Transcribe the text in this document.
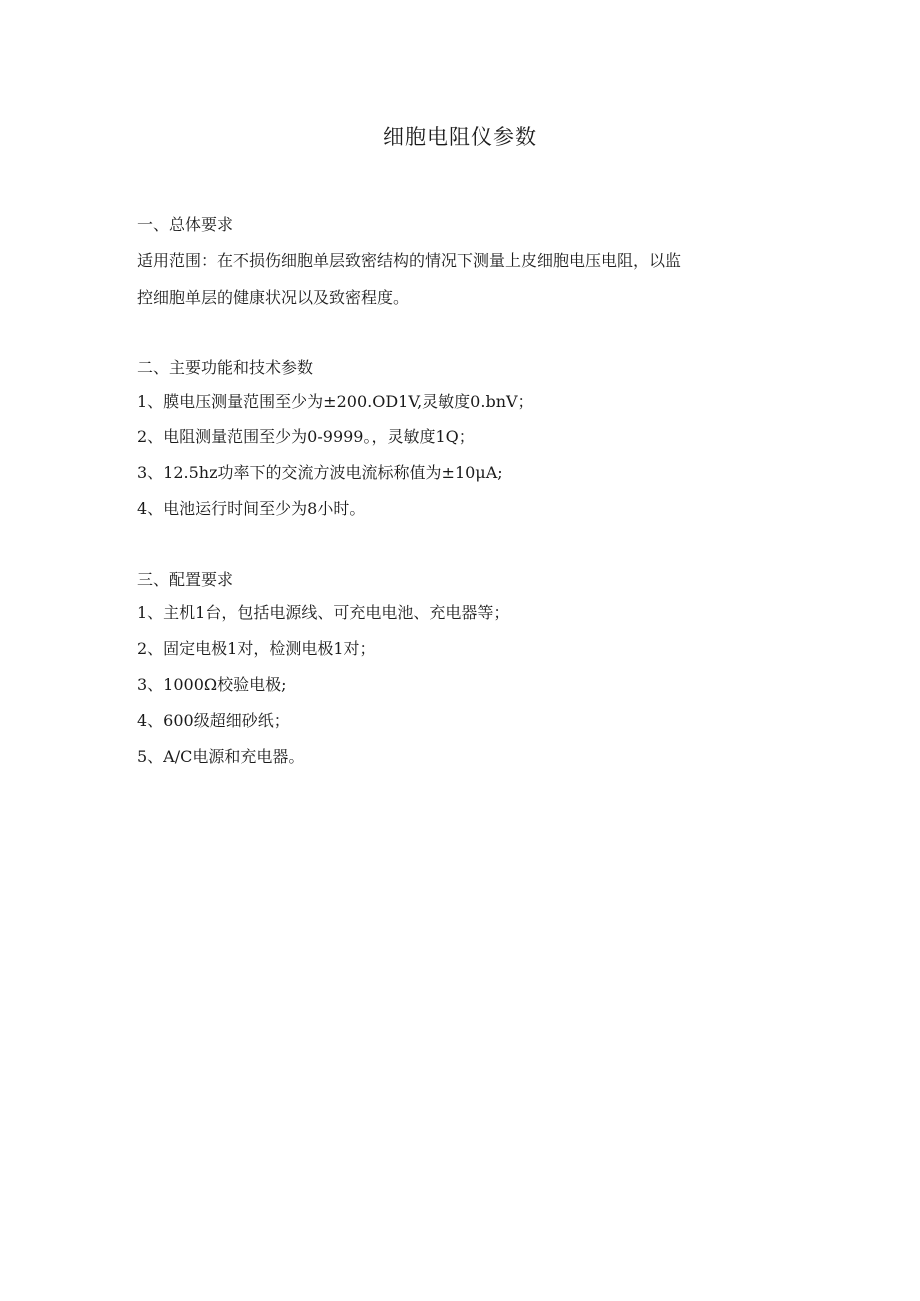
细胞电阻仪参数
一、总体要求
适用范围：在不损伤细胞单层致密结构的情况下测量上皮细胞电压电阻，以监
控细胞单层的健康状况以及致密程度。
二、主要功能和技术参数
1、膜电压测量范围至少为±200.OD1V,灵敏度0.bnV；
2、电阻测量范围至少为0-9999。，灵敏度1Q；
3、12.5hz功率下的交流方波电流标称值为±10μA;
4、电池运行时间至少为8小时。
三、配置要求
1、主机1台，包括电源线、可充电电池、充电器等；
2、固定电极1对，检测电极1对；
3、1000Ω校验电极;
4、600级超细砂纸；
5、A/C电源和充电器。
